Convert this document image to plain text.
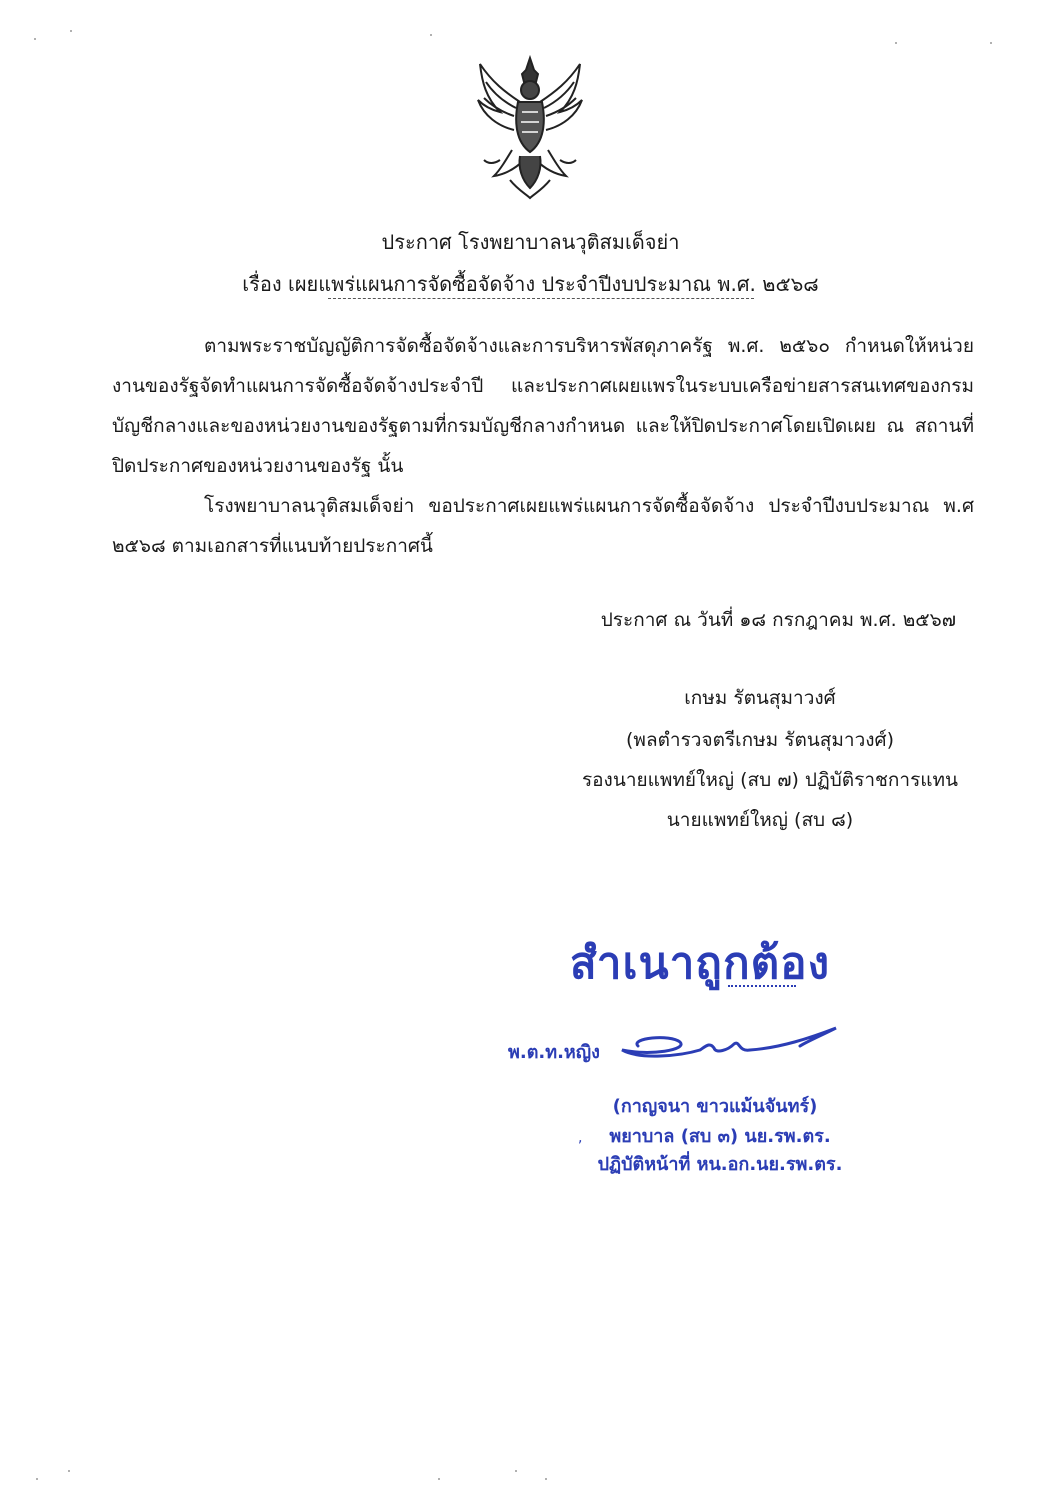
ประกาศ โรงพยาบาลนวุติสมเด็จย่า
เรื่อง เผยแพร่แผนการจัดซื้อจัดจ้าง ประจำปีงบประมาณ พ.ศ. ๒๕๖๘
ตามพระราชบัญญัติการจัดซื้อจัดจ้างและการบริหารพัสดุภาครัฐ พ.ศ. ๒๕๖๐ กำหนดให้หน่วยงานของรัฐจัดทำแผนการจัดซื้อจัดจ้างประจำปี และประกาศเผยแพรในระบบเครือข่ายสารสนเทศของกรมบัญชีกลางและของหน่วยงานของรัฐตามที่กรมบัญชีกลางกำหนด และให้ปิดประกาศโดยเปิดเผย ณ สถานที่ปิดประกาศของหน่วยงานของรัฐ นั้น
โรงพยาบาลนวุติสมเด็จย่า ขอประกาศเผยแพร่แผนการจัดซื้อจัดจ้าง ประจำปีงบประมาณ พ.ศ ๒๕๖๘ ตามเอกสารที่แนบท้ายประกาศนี้
ประกาศ ณ วันที่ ๑๘ กรกฎาคม พ.ศ. ๒๕๖๗
เกษม รัตนสุมาวงศ์
(พลตำรวจตรีเกษม รัตนสุมาวงศ์)
รองนายแพทย์ใหญ่ (สบ ๗) ปฏิบัติราชการแทน
นายแพทย์ใหญ่ (สบ ๘)
สำเนาถูกต้อง
พ.ต.ท.หญิง
(กาญจนา ขาวแม้นจันทร์)
,	พยาบาล (สบ ๓) นย.รพ.ตร.
ปฏิบัติหน้าที่ หน.อก.นย.รพ.ตร.
